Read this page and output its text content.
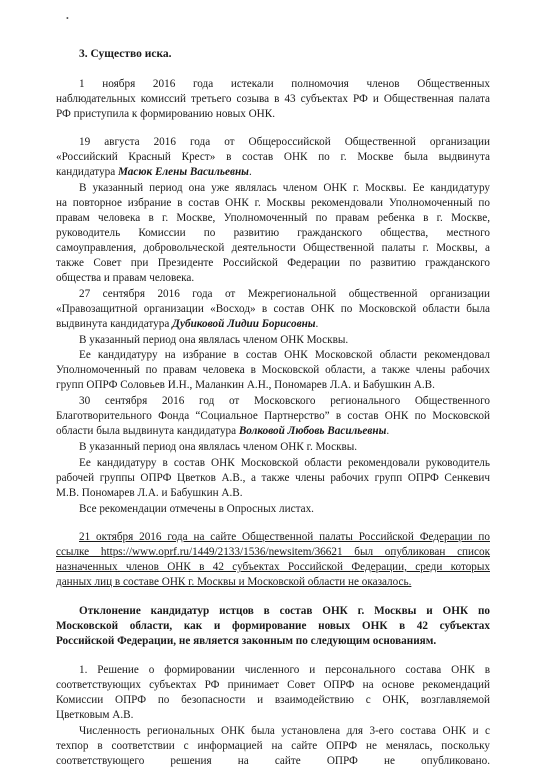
•
3. Существо иска.
1 ноября 2016 года истекали полномочия членов Общественных
наблюдательных комиссий третьего созыва в 43 субъектах РФ и Общественная палата
РФ приступила к формированию новых ОНК.
19 августа 2016 года от Общероссийской Общественной организации
«Российский Красный Крест» в состав ОНК по г. Москве была выдвинута
кандидатура Масюк Елены Васильевны.
В указанный период она уже являлась членом ОНК г. Москвы. Ее кандидатуру
на повторное избрание в состав ОНК г. Москвы рекомендовали Уполномоченный по
правам человека в г. Москве, Уполномоченный по правам ребенка в г. Москве,
руководитель Комиссии по развитию гражданского общества, местного
самоуправления, добровольческой деятельности Общественной палаты г. Москвы, а
также Совет при Президенте Российской Федерации по развитию гражданского
общества и правам человека.
27 сентября 2016 года от Межрегиональной общественной организации
«Правозащитной организации «Восход» в состав ОНК по Московской области была
выдвинута кандидатура Дубиковой Лидии Борисовны.
В указанный период она являлась членом ОНК Москвы.
Ее кандидатуру на избрание в состав ОНК Московской области рекомендовал
Уполномоченный по правам человека в Московской области, а также члены рабочих
групп ОПРФ Соловьев И.Н., Маланкин А.Н., Пономарев Л.А. и Бабушкин А.В.
30 сентября 2016 год от Московского регионального Общественного
Благотворительного Фонда “Социальное Партнерство” в состав ОНК по Московской
области была выдвинута кандидатура Волковой Любовь Васильевны.
В указанный период она являлась членом ОНК г. Москвы.
Ее кандидатуру в состав ОНК Московской области рекомендовали руководитель
рабочей группы ОПРФ Цветков А.В., а также члены рабочих групп ОПРФ Сенкевич
М.В. Пономарев Л.А. и Бабушкин А.В.
Все рекомендации отмечены в Опросных листах.
21 октября 2016 года на сайте Общественной палаты Российской Федерации по
ссылке https://www.oprf.ru/1449/2133/1536/newsitem/36621 был опубликован список
назначенных членов ОНК в 42 субъектах Российской Федерации, среди которых
данных лиц в составе ОНК г. Москвы и Московской области не оказалось.
Отклонение кандидатур истцов в состав ОНК г. Москвы и ОНК по
Московской области, как и формирование новых ОНК в 42 субъектах
Российской Федерации, не является законным по следующим основаниям.
1. Решение о формировании численного и персонального состава ОНК в
соответствующих субъектах РФ принимает Совет ОПРФ на основе рекомендаций
Комиссии ОПРФ по безопасности и взаимодействию с ОНК, возглавляемой
Цветковым А.В.
Численность региональных ОНК была установлена для 3-его состава ОНК и с
техпор в соответствии с информацией на сайте ОПРФ не менялась, поскольку
соответствующего решения на сайте ОПРФ не опубликовано.
